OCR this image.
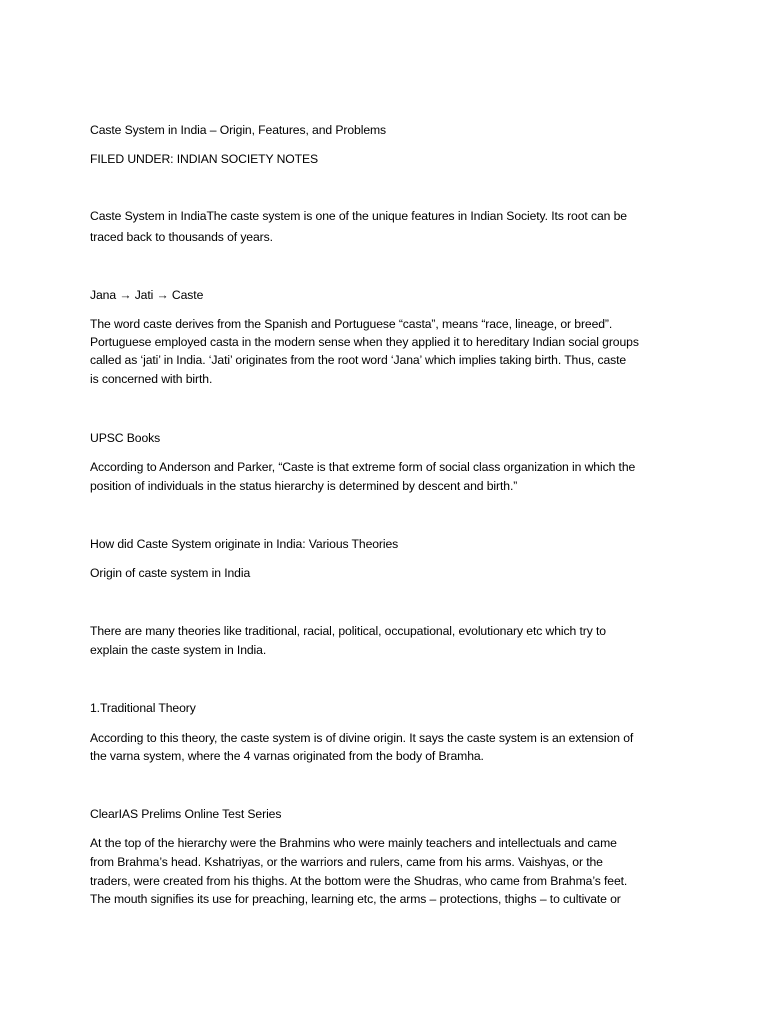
Caste System in India – Origin, Features, and Problems

FILED UNDER: INDIAN SOCIETY NOTES

Caste System in IndiaThe caste system is one of the unique features in Indian Society. Its root can be

traced back to thousands of years.

Jana → Jati → Caste

The word caste derives from the Spanish and Portuguese “casta”, means “race, lineage, or breed”.

Portuguese employed casta in the modern sense when they applied it to hereditary Indian social groups

called as ‘jati’ in India. ‘Jati’ originates from the root word ‘Jana’ which implies taking birth. Thus, caste

is concerned with birth.

UPSC Books

According to Anderson and Parker, “Caste is that extreme form of social class organization in which the

position of individuals in the status hierarchy is determined by descent and birth.”

How did Caste System originate in India: Various Theories

Origin of caste system in India

There are many theories like traditional, racial, political, occupational, evolutionary etc which try to

explain the caste system in India.

1.Traditional Theory

According to this theory, the caste system is of divine origin. It says the caste system is an extension of

the varna system, where the 4 varnas originated from the body of Bramha.

ClearIAS Prelims Online Test Series

At the top of the hierarchy were the Brahmins who were mainly teachers and intellectuals and came

from Brahma’s head. Kshatriyas, or the warriors and rulers, came from his arms. Vaishyas, or the

traders, were created from his thighs. At the bottom were the Shudras, who came from Brahma’s feet.

The mouth signifies its use for preaching, learning etc, the arms – protections, thighs – to cultivate or
